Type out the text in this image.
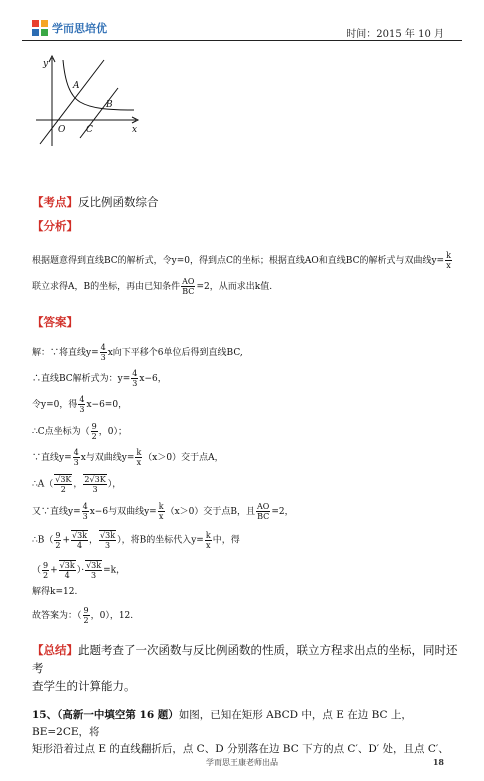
学而思培优	时间：2015 年 10 月
y
x
A
B
O C
【考点】反比例函数综合
【分析】
根据题意得到直线BC的解析式，令y=0，得到点C的坐标；根据直线AO和直线BC的解析式与双曲线$y= \frac{k}{x}$
联立求得A，B的坐标，再由已知条件 $\frac{AO}{BC} =2$，从而求出k值.
【答案】
解：∵将直线$y= \frac{4}{3}$ x向下平移个6单位后得到直线BC,
∴直线BC解析式为：$y= \frac{4}{3} x-6$，
令y=0，得 $\frac{4}{3} x-6=0$，
∴C点坐标为（ $\frac{9}{2}$ ，0）；
∵直线$y= \frac{4}{3}$ x与双曲线$y= \frac{k}{x} (x>0)$交于点A，
∴A（ $\frac{√3K}{2}$ ， $\frac{2√3K}{3}$ ），
又∵直线$y= \frac{4}{3} x-6$与双曲线$y= \frac{k}{x} (x>0)$交于点B，且 $\frac{AO}{BC} =2$，
∴B（ $\frac{9}{2} + \frac{√3k}{4}$ ， $\frac{√3k}{3}$ ），将B的坐标代入$y= \frac{k}{x}$ 中，得
（ $\frac{9}{2} + \frac{√3k}{4}$ ）· $\frac{√3k}{3} =k$，
解得k=12.
故答案为：（ $\frac{9}{2}$ ，0），12.
【总结】此题考查了一次函数与反比例函数的性质，联立方程求出点的坐标，同时还考
查学生的计算能力。
15、（高新一中填空第 16 题）如图，已知在矩形 ABCD 中，点 E 在边 BC 上，BE=2CE，将
矩形沿着过点 E 的直线翻折后，点 C、D 分别落在边 BC 下方的点 C′、D′ 处，且点 C′、
学而思王康老师出品	18
